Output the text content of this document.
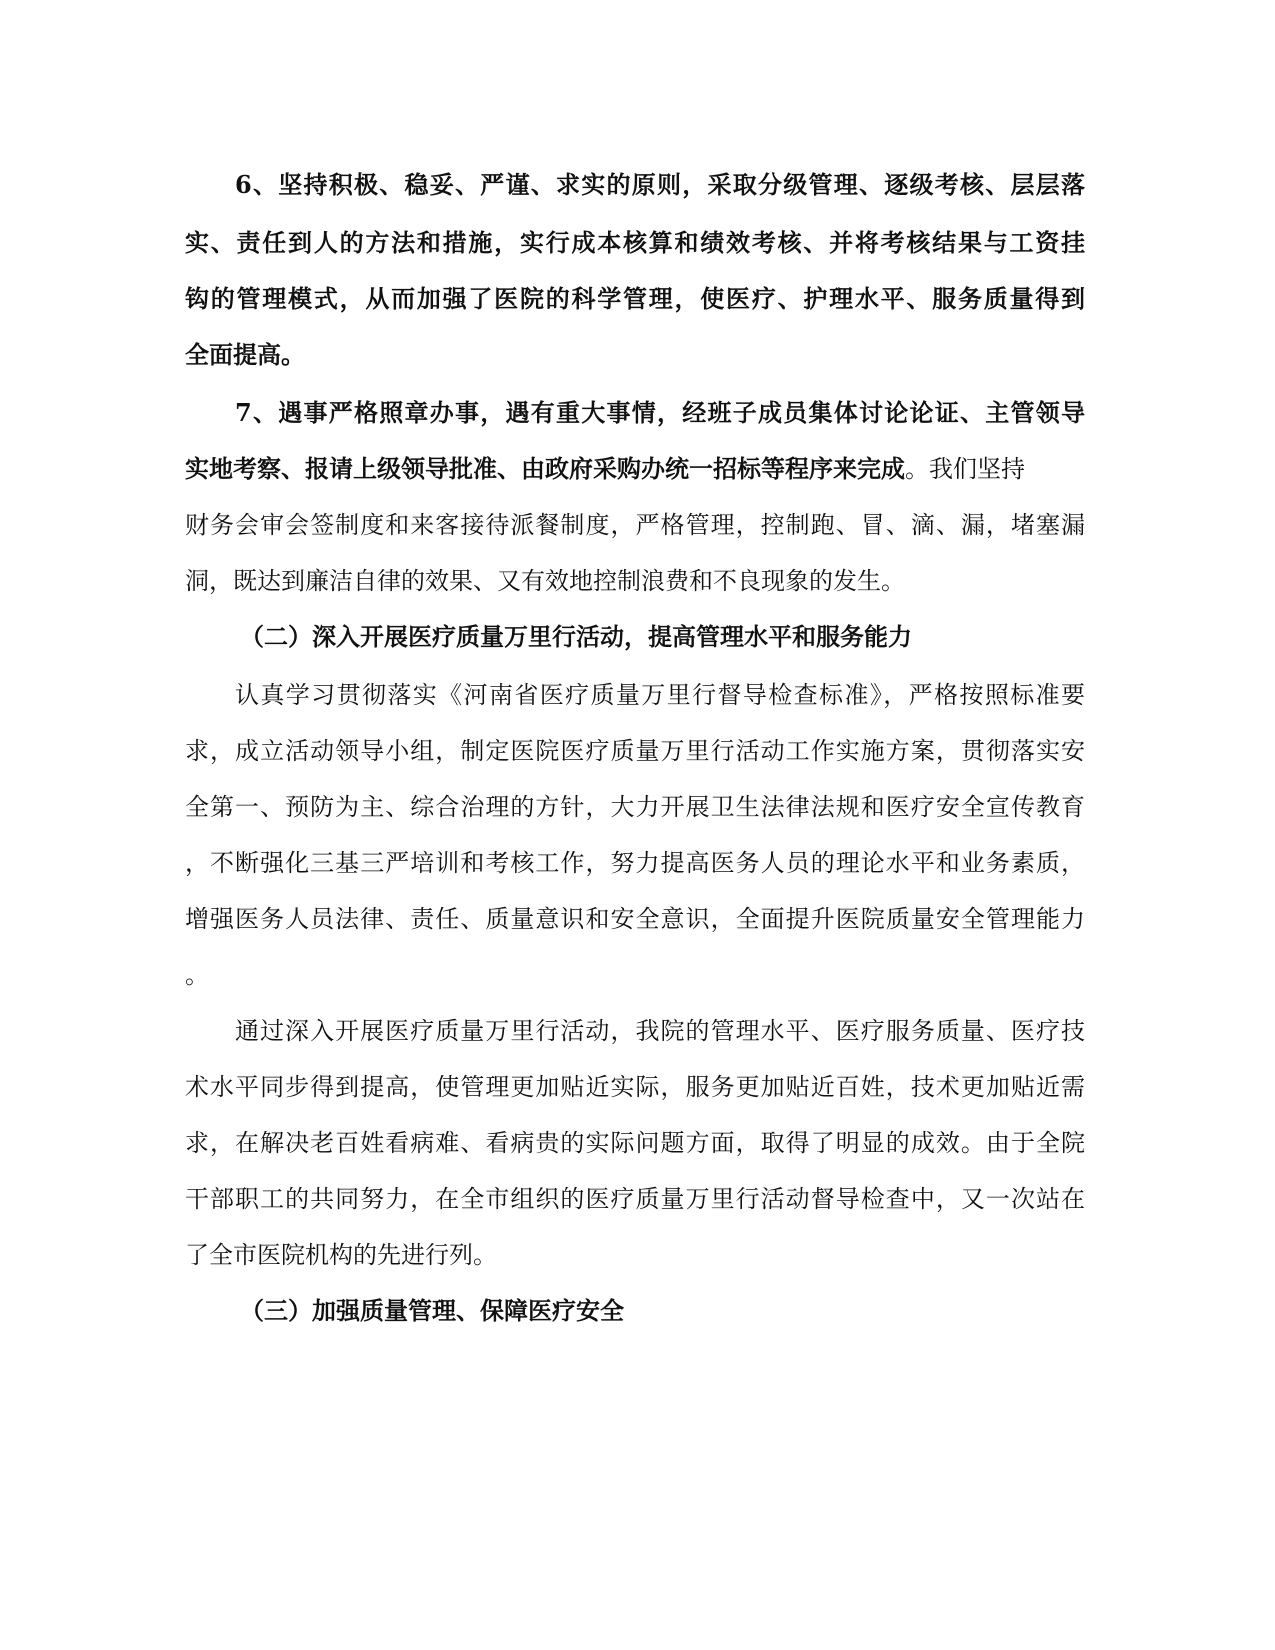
6、坚持积极、稳妥、严谨、求实的原则，采取分级管理、逐级考核、层层落
实、责任到人的方法和措施，实行成本核算和绩效考核、并将考核结果与工资挂
钩的管理模式，从而加强了医院的科学管理，使医疗、护理水平、服务质量得到
全面提高。
7、遇事严格照章办事，遇有重大事情，经班子成员集体讨论论证、主管领导
实地考察、报请上级领导批准、由政府采购办统一招标等程序来完成。我们坚持
财务会审会签制度和来客接待派餐制度，严格管理，控制跑、冒、滴、漏，堵塞漏
洞，既达到廉洁自律的效果、又有效地控制浪费和不良现象的发生。
（二）深入开展医疗质量万里行活动，提高管理水平和服务能力
认真学习贯彻落实《河南省医疗质量万里行督导检查标准》，严格按照标准要
求，成立活动领导小组，制定医院医疗质量万里行活动工作实施方案，贯彻落实安
全第一、预防为主、综合治理的方针，大力开展卫生法律法规和医疗安全宣传教育
，不断强化三基三严培训和考核工作，努力提高医务人员的理论水平和业务素质，
增强医务人员法律、责任、质量意识和安全意识，全面提升医院质量安全管理能力
。
通过深入开展医疗质量万里行活动，我院的管理水平、医疗服务质量、医疗技
术水平同步得到提高，使管理更加贴近实际，服务更加贴近百姓，技术更加贴近需
求，在解决老百姓看病难、看病贵的实际问题方面，取得了明显的成效。由于全院
干部职工的共同努力，在全市组织的医疗质量万里行活动督导检查中，又一次站在
了全市医院机构的先进行列。
（三）加强质量管理、保障医疗安全
